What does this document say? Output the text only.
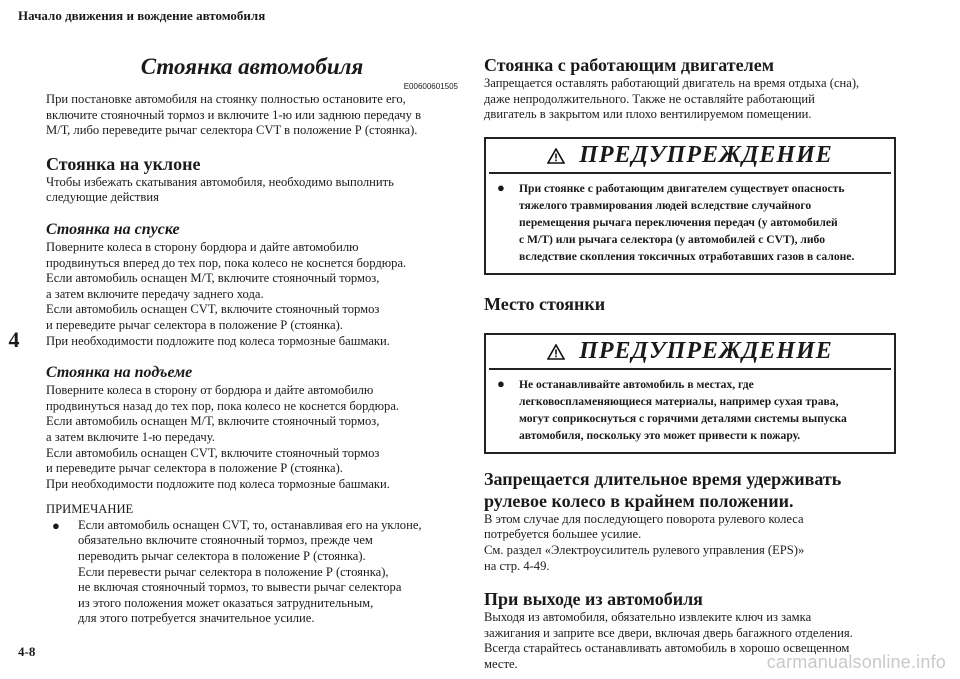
Начало движения и вождение автомобиля
4
Стоянка автомобиля
E00600601505
При постановке автомобиля на стоянку полностью остановите его,
включите стояночный тормоз и включите 1-ю или заднюю передачу в
М/Т, либо переведите рычаг селектора CVT в положение Р (стоянка).
Стоянка на уклоне
Чтобы избежать скатывания автомобиля, необходимо выполнить
следующие действия
Стоянка на спуске
Поверните колеса в сторону бордюра и дайте автомобилю
продвинуться вперед до тех пор, пока колесо не коснется бордюра.
Если автомобиль оснащен М/Т, включите стояночный тормоз,
а затем включите передачу заднего хода.
Если автомобиль оснащен CVT, включите стояночный тормоз
и переведите рычаг селектора в положение Р (стоянка).
При необходимости подложите под колеса тормозные башмаки.
Стоянка на подъеме
Поверните колеса в сторону от бордюра и дайте автомобилю
продвинуться назад до тех пор, пока колесо не коснется бордюра.
Если автомобиль оснащен М/Т, включите стояночный тормоз,
а затем включите 1-ю передачу.
Если автомобиль оснащен CVT, включите стояночный тормоз
и переведите рычаг селектора в положение Р (стоянка).
При необходимости подложите под колеса тормозные башмаки.
ПРИМЕЧАНИЕ
●	Если автомобиль оснащен CVT, то, останавливая его на уклоне,
обязательно включите стояночный тормоз, прежде чем
переводить рычаг селектора в положение Р (стоянка).
Если перевести рычаг селектора в положение Р (стоянка),
не включая стояночный тормоз, то вывести рычаг селектора
из этого положения может оказаться затруднительным,
для этого потребуется значительное усилие.
Стоянка с работающим двигателем
Запрещается оставлять работающий двигатель на время отдыха (сна),
даже непродолжительного. Также не оставляйте работающий
двигатель в закрытом или плохо вентилируемом помещении.
ПРЕДУПРЕЖДЕНИЕ
●	При стоянке с работающим двигателем существует опасность
тяжелого травмирования людей вследствие случайного
перемещения рычага переключения передач (у автомобилей
с М/Т) или рычага селектора (у автомобилей с CVT), либо
вследствие скопления токсичных отработавших газов в салоне.
Место стоянки
ПРЕДУПРЕЖДЕНИЕ
●	Не останавливайте автомобиль в местах, где
легковоспламеняющиеся материалы, например сухая трава,
могут соприкоснуться с горячими деталями системы выпуска
автомобиля, поскольку это может привести к пожару.
Запрещается длительное время удерживать
рулевое колесо в крайнем положении.
В этом случае для последующего поворота рулевого колеса
потребуется большее усилие.
См. раздел «Электроусилитель рулевого управления (EPS)»
на стр. 4-49.
При выходе из автомобиля
Выходя из автомобиля, обязательно извлеките ключ из замка
зажигания и заприте все двери, включая дверь багажного отделения.
Всегда старайтесь останавливать автомобиль в хорошо освещенном
месте.
4-8
carmanualsonline.info
